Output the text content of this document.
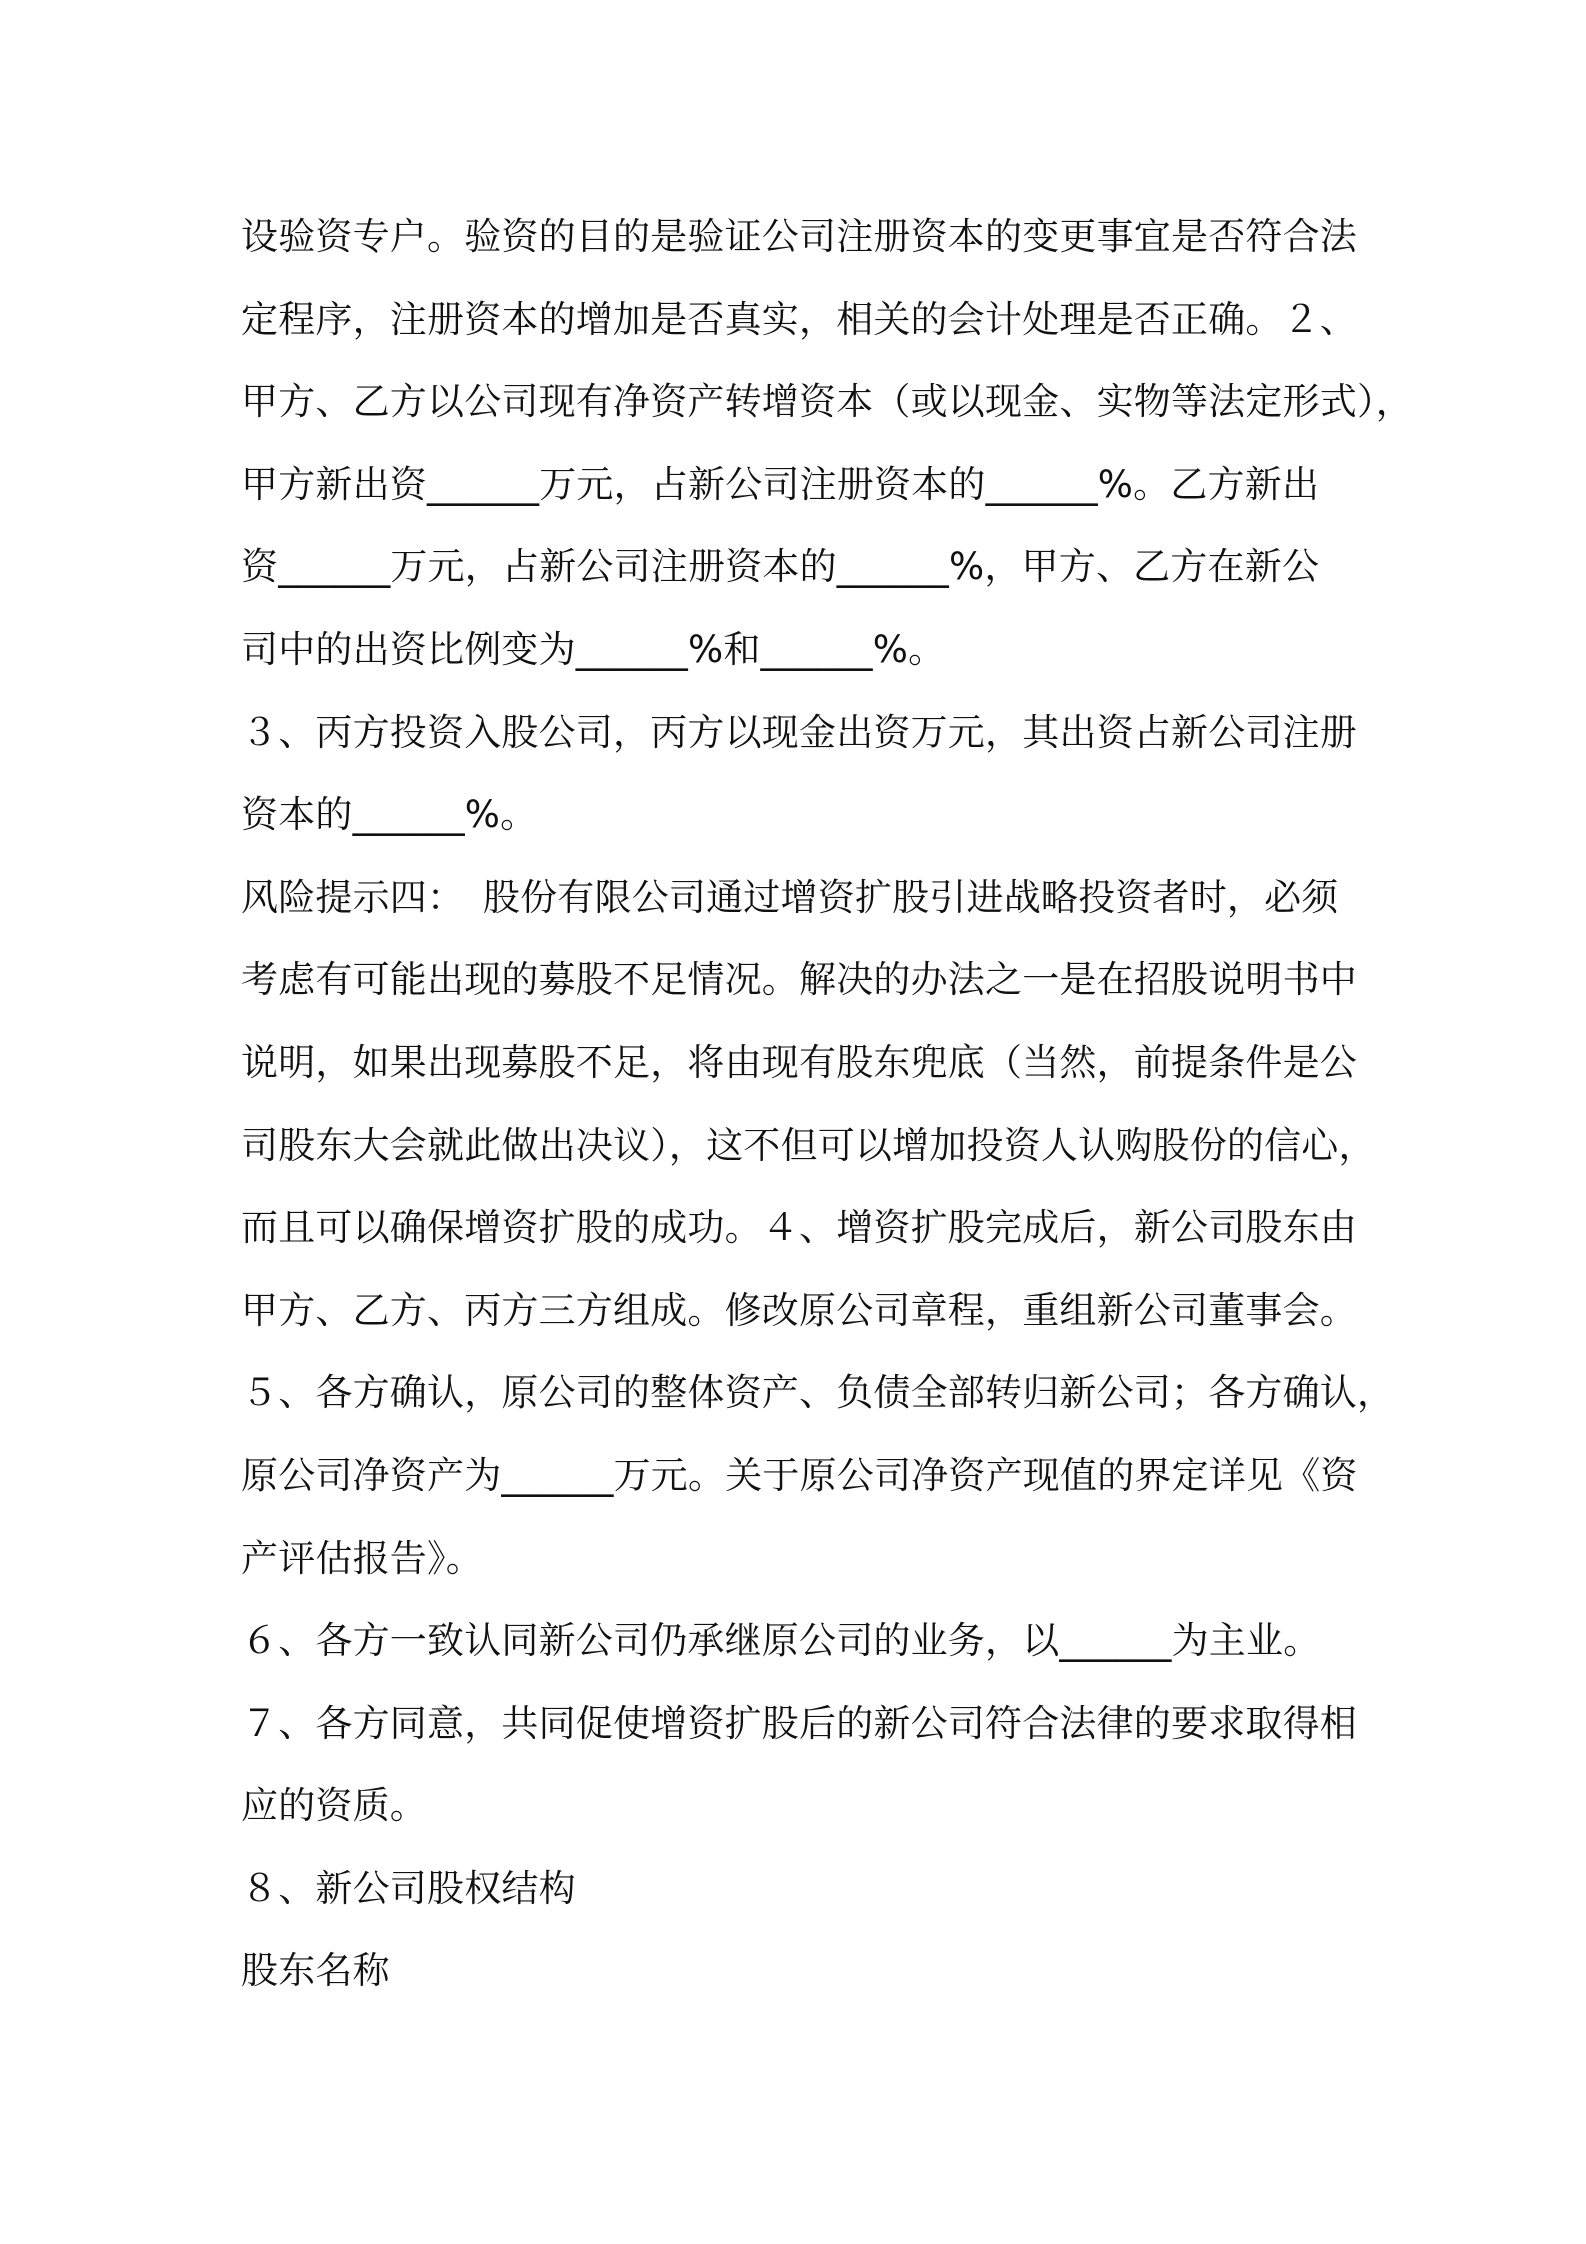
设验资专户。验资的目的是验证公司注册资本的变更事宜是否符合法
定程序，注册资本的增加是否真实，相关的会计处理是否正确。２、
甲方、乙方以公司现有净资产转增资本（或以现金、实物等法定形式），
甲方新出资______万元，占新公司注册资本的______%。乙方新出
资______万元，占新公司注册资本的______%，甲方、乙方在新公
司中的出资比例变为______%和______%。
３、丙方投资入股公司，丙方以现金出资万元，其出资占新公司注册
资本的______%。
风险提示四：　股份有限公司通过增资扩股引进战略投资者时，必须
考虑有可能出现的募股不足情况。解决的办法之一是在招股说明书中
说明，如果出现募股不足，将由现有股东兜底（当然，前提条件是公
司股东大会就此做出决议），这不但可以增加投资人认购股份的信心，
而且可以确保增资扩股的成功。４、增资扩股完成后，新公司股东由
甲方、乙方、丙方三方组成。修改原公司章程，重组新公司董事会。
５、各方确认，原公司的整体资产、负债全部转归新公司；各方确认，
原公司净资产为______万元。关于原公司净资产现值的界定详见《资
产评估报告》。
６、各方一致认同新公司仍承继原公司的业务，以______为主业。
７、各方同意，共同促使增资扩股后的新公司符合法律的要求取得相
应的资质。
８、新公司股权结构
股东名称
